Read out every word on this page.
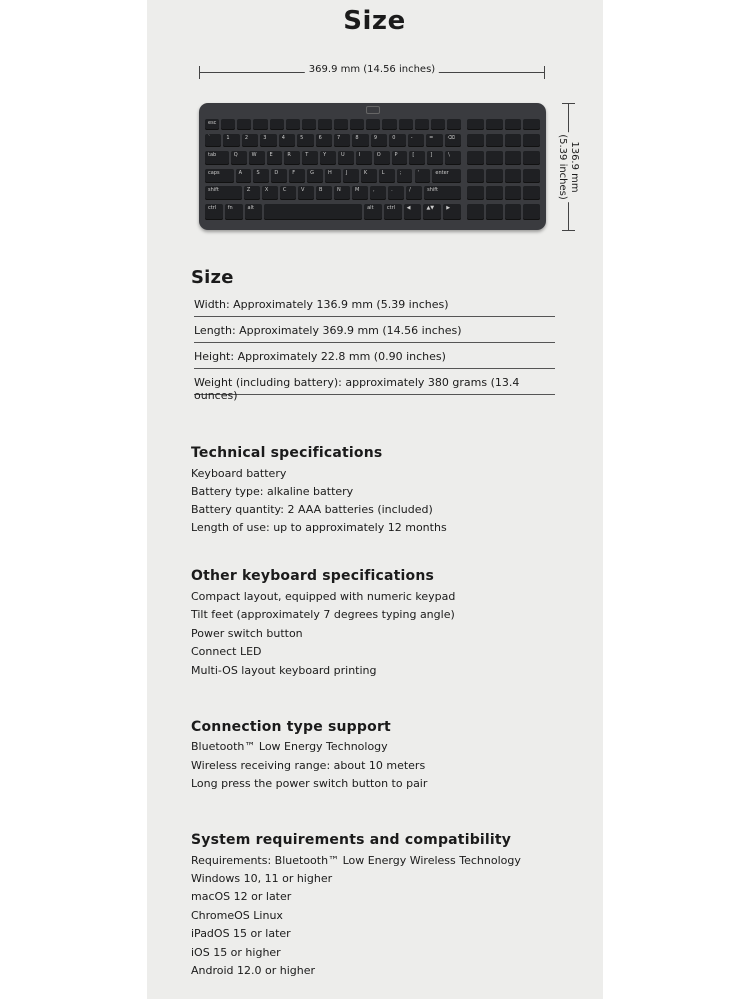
Size
369.9 mm (14.56 inches)
esc
`	1	2	3	4	5	6	7	8	9	0	-	=	⌫
tab	Q	W	E	R	T	Y	U	I	O	P	[	]	\
caps	A	S	D	F	G	H	J	K	L	;	'	enter
shift	Z	X	C	V	B	N	M	,	.	/	shift
ctrl fn	alt	alt	ctrl ◀	▲▼ ▶
136.9 mm
(5.39 inches)
Size
Width: Approximately 136.9 mm (5.39 inches)
Length: Approximately 369.9 mm (14.56 inches)
Height: Approximately 22.8 mm (0.90 inches)
Weight (including battery): approximately 380 grams (13.4 ounces)
Technical specifications
Keyboard battery
Battery type: alkaline battery
Battery quantity: 2 AAA batteries (included)
Length of use: up to approximately 12 months
Other keyboard specifications
Compact layout, equipped with numeric keypad
Tilt feet (approximately 7 degrees typing angle)
Power switch button
Connect LED
Multi-OS layout keyboard printing
Connection type support
Bluetooth™ Low Energy Technology
Wireless receiving range: about 10 meters
Long press the power switch button to pair
System requirements and compatibility
Requirements: Bluetooth™ Low Energy Wireless Technology
Windows 10, 11 or higher
macOS 12 or later
ChromeOS Linux
iPadOS 15 or later
iOS 15 or higher
Android 12.0 or higher
